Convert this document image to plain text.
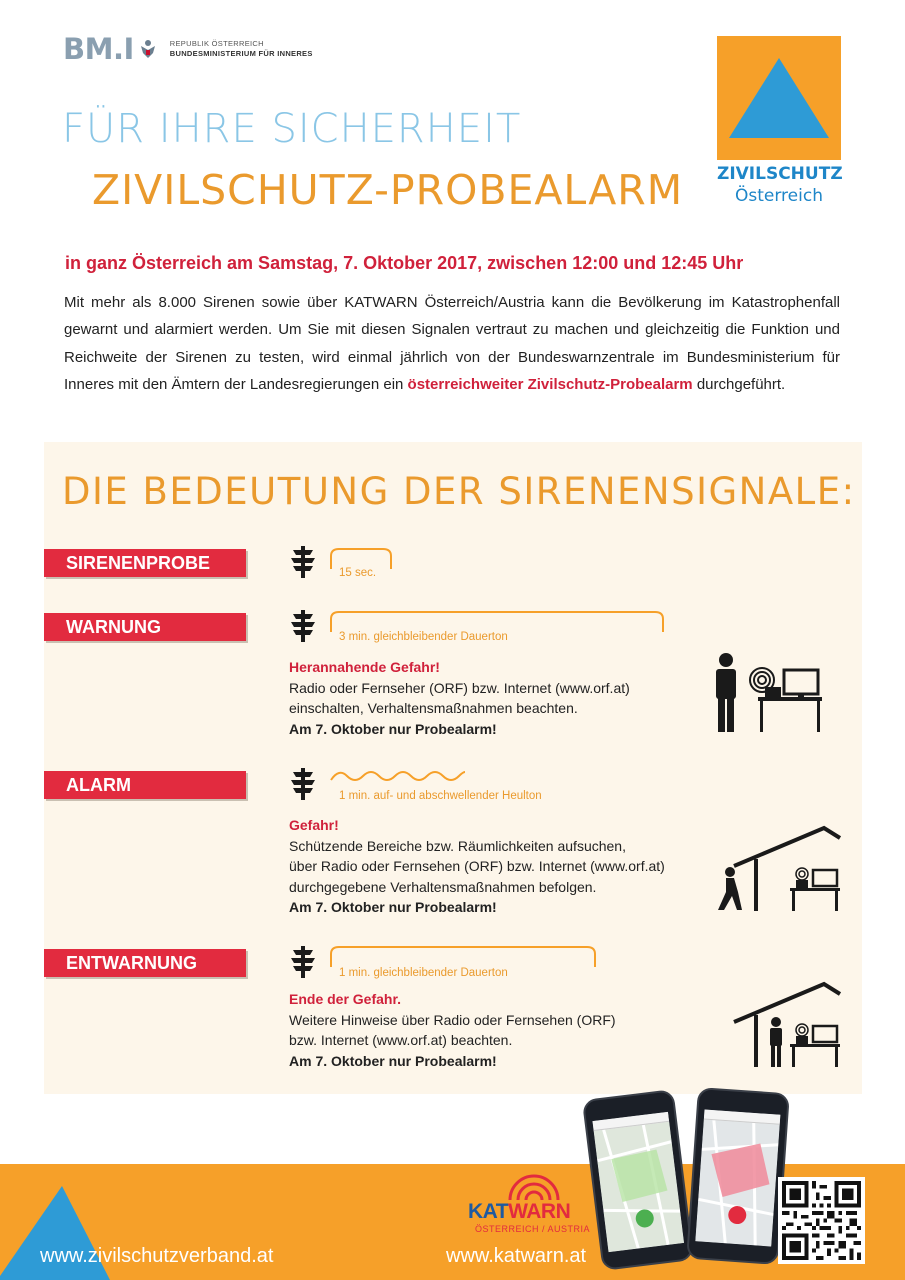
BM.I	REPUBLIK ÖSTERREICH
BUNDESMINISTERIUM FÜR INNERES
FÜR IHRE SICHERHEIT
ZIVILSCHUTZ-PROBEALARM ZIVILSCHUTZ
Österreich
in ganz Österreich am Samstag, 7. Oktober 2017, zwischen 12:00 und 12:45 Uhr

Mit mehr als 8.000 Sirenen sowie über KATWARN Österreich/Austria kann die Bevölkerung im Katastrophenfall gewarnt und alarmiert werden. Um Sie mit diesen Signalen vertraut zu machen und gleichzeitig die Funktion und Reichweite der Sirenen zu testen, wird einmal jährlich von der Bundeswarnzentrale im Bundesministerium für Inneres mit den Ämtern der Landesregierungen ein österreichweiter Zivilschutz-Probealarm durchgeführt.

DIE BEDEUTUNG DER SIRENENSIGNALE:
SIRENENPROBE	15 sec.
WARNUNG	3 min. gleichbleibender Dauerton
Herannahende Gefahr!
Radio oder Fernseher (ORF) bzw. Internet (www.orf.at)
einschalten, Verhaltensmaßnahmen beachten.
Am 7. Oktober nur Probealarm!
ALARM
1 min. auf- und abschwellender Heulton
Gefahr!
Schützende Bereiche bzw. Räumlichkeiten aufsuchen,
über Radio oder Fernsehen (ORF) bzw. Internet (www.orf.at)
durchgegebene Verhaltensmaßnahmen befolgen.
Am 7. Oktober nur Probealarm!
ENTWARNUNG	1 min. gleichbleibender Dauerton
Ende der Gefahr.
Weitere Hinweise über Radio oder Fernsehen (ORF)
bzw. Internet (www.orf.at) beachten.
Am 7. Oktober nur Probealarm!
www.zivilschutzverband.at	www.katwarn.at
KATWARN
ÖSTERREICH / AUSTRIA
